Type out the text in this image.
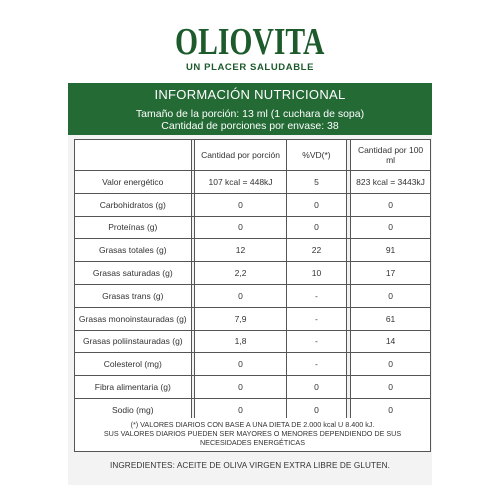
OLIOVITA
UN PLACER SALUDABLE
INFORMACIÓN NUTRICIONAL
Tamaño de la porción: 13 ml (1 cuchara de sopa)
Cantidad de porciones por envase: 38
		Cantidad por porción	%VD(*)		Cantidad por 100 ml
Valor energético		107 kcal = 448kJ	5		823 kcal = 3443kJ
Carbohidratos (g)		0	0		0
Proteínas (g)		0	0		0
Grasas totales (g)		12	22		91
Grasas saturadas (g)		2,2	10		17
Grasas trans (g)		0	-		0
Grasas monoinstauradas (g)		7,9	-		61
Grasas poliinstauradas (g)		1,8	-		14
Colesterol (mg)		0	-		0
Fibra alimentaria (g)		0	0		0
Sodio (mg)		0	0		0
(*) VALORES DIARIOS CON BASE A UNA DIETA DE 2.000 kcal U 8.400 kJ.
SUS VALORES DIARIOS PUEDEN SER MAYORES O MENORES DEPENDIENDO DE SUS
NECESIDADES ENERGÉTICAS
INGREDIENTES: ACEITE DE OLIVA VIRGEN EXTRA LIBRE DE GLUTEN.
